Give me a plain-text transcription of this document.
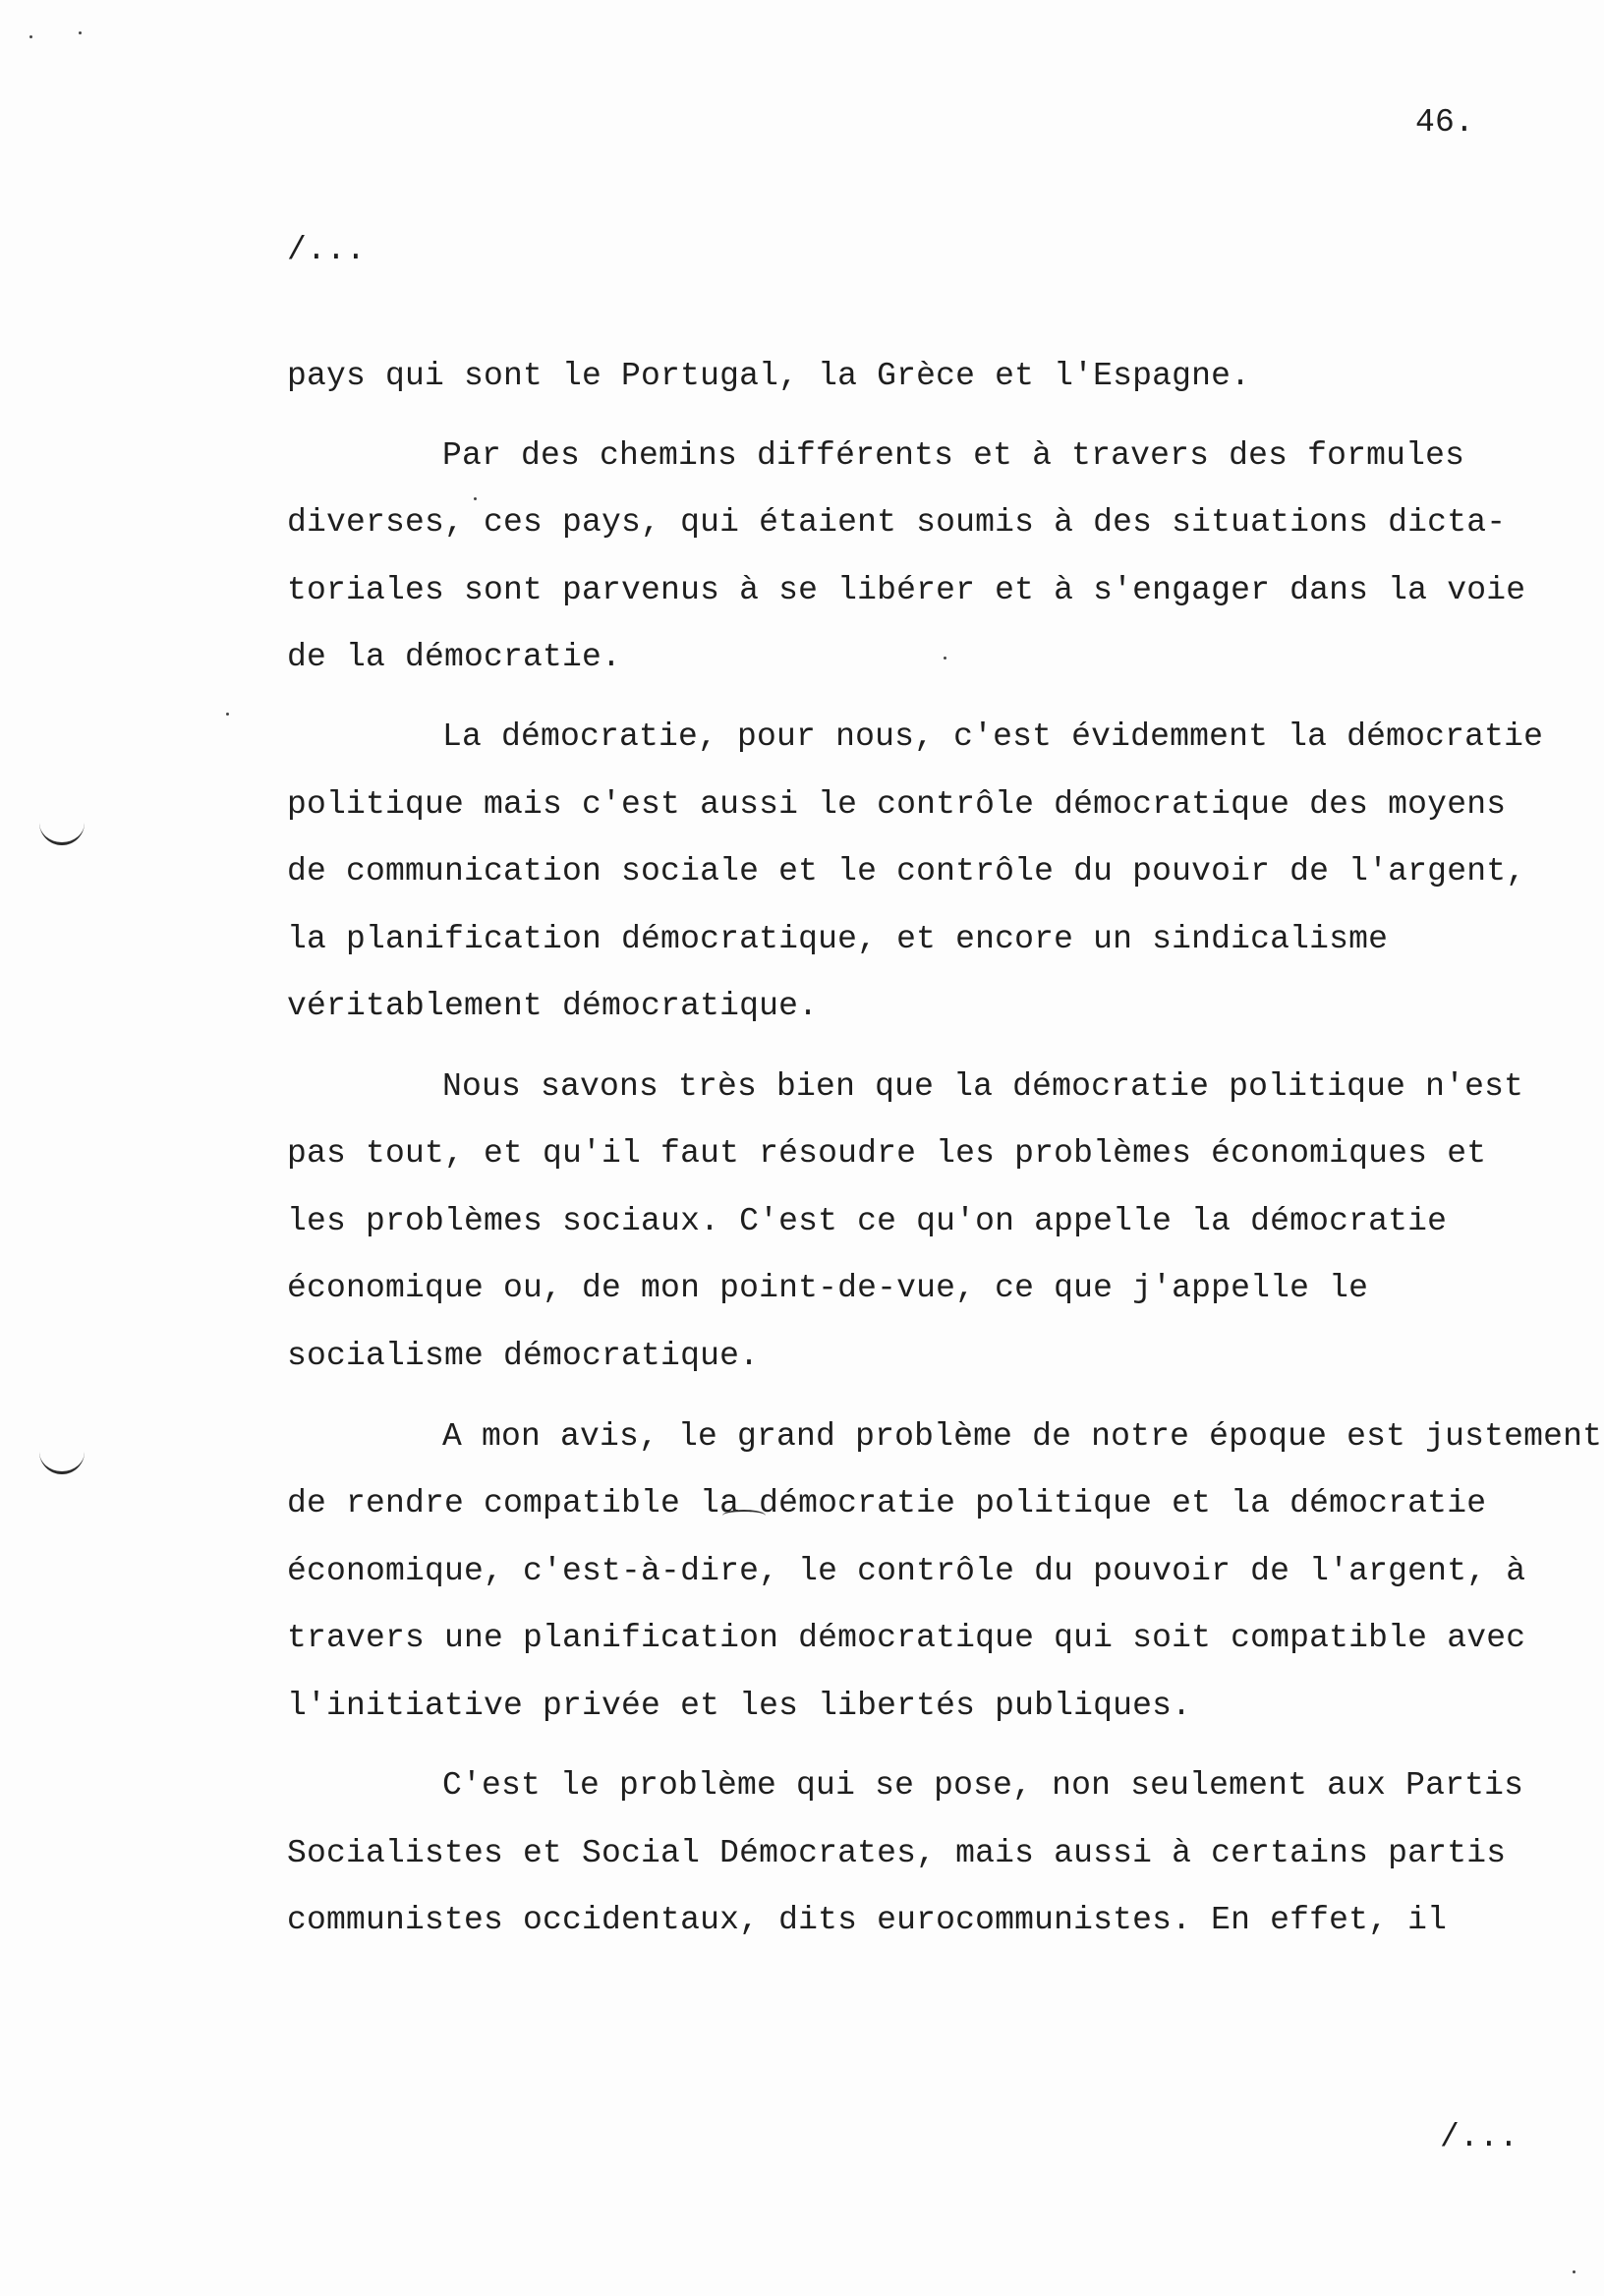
46.
/...
pays qui sont le Portugal, la Grèce et l'Espagne.
Par des chemins différents et à travers des formules
diverses, ces pays, qui étaient soumis à des situations dicta-
toriales sont parvenus à se libérer et à s'engager dans la voie
de la démocratie.
La démocratie, pour nous, c'est évidemment la démocratie
politique mais c'est aussi le contrôle démocratique des moyens
de communication sociale et le contrôle du pouvoir de l'argent,
la planification démocratique, et encore un sindicalisme
véritablement démocratique.
Nous savons très bien que la démocratie politique n'est
pas tout, et qu'il faut résoudre les problèmes économiques et
les problèmes sociaux. C'est ce qu'on appelle la démocratie
économique ou, de mon point-de-vue, ce que j'appelle le
socialisme démocratique.
A mon avis, le grand problème de notre époque est justement
de rendre compatible la démocratie politique et la démocratie
économique, c'est-à-dire, le contrôle du pouvoir de l'argent, à
travers une planification démocratique qui soit compatible avec
l'initiative privée et les libertés publiques.
C'est le problème qui se pose, non seulement aux Partis
Socialistes et Social Démocrates, mais aussi à certains partis
communistes occidentaux, dits eurocommunistes. En effet, il
/...
